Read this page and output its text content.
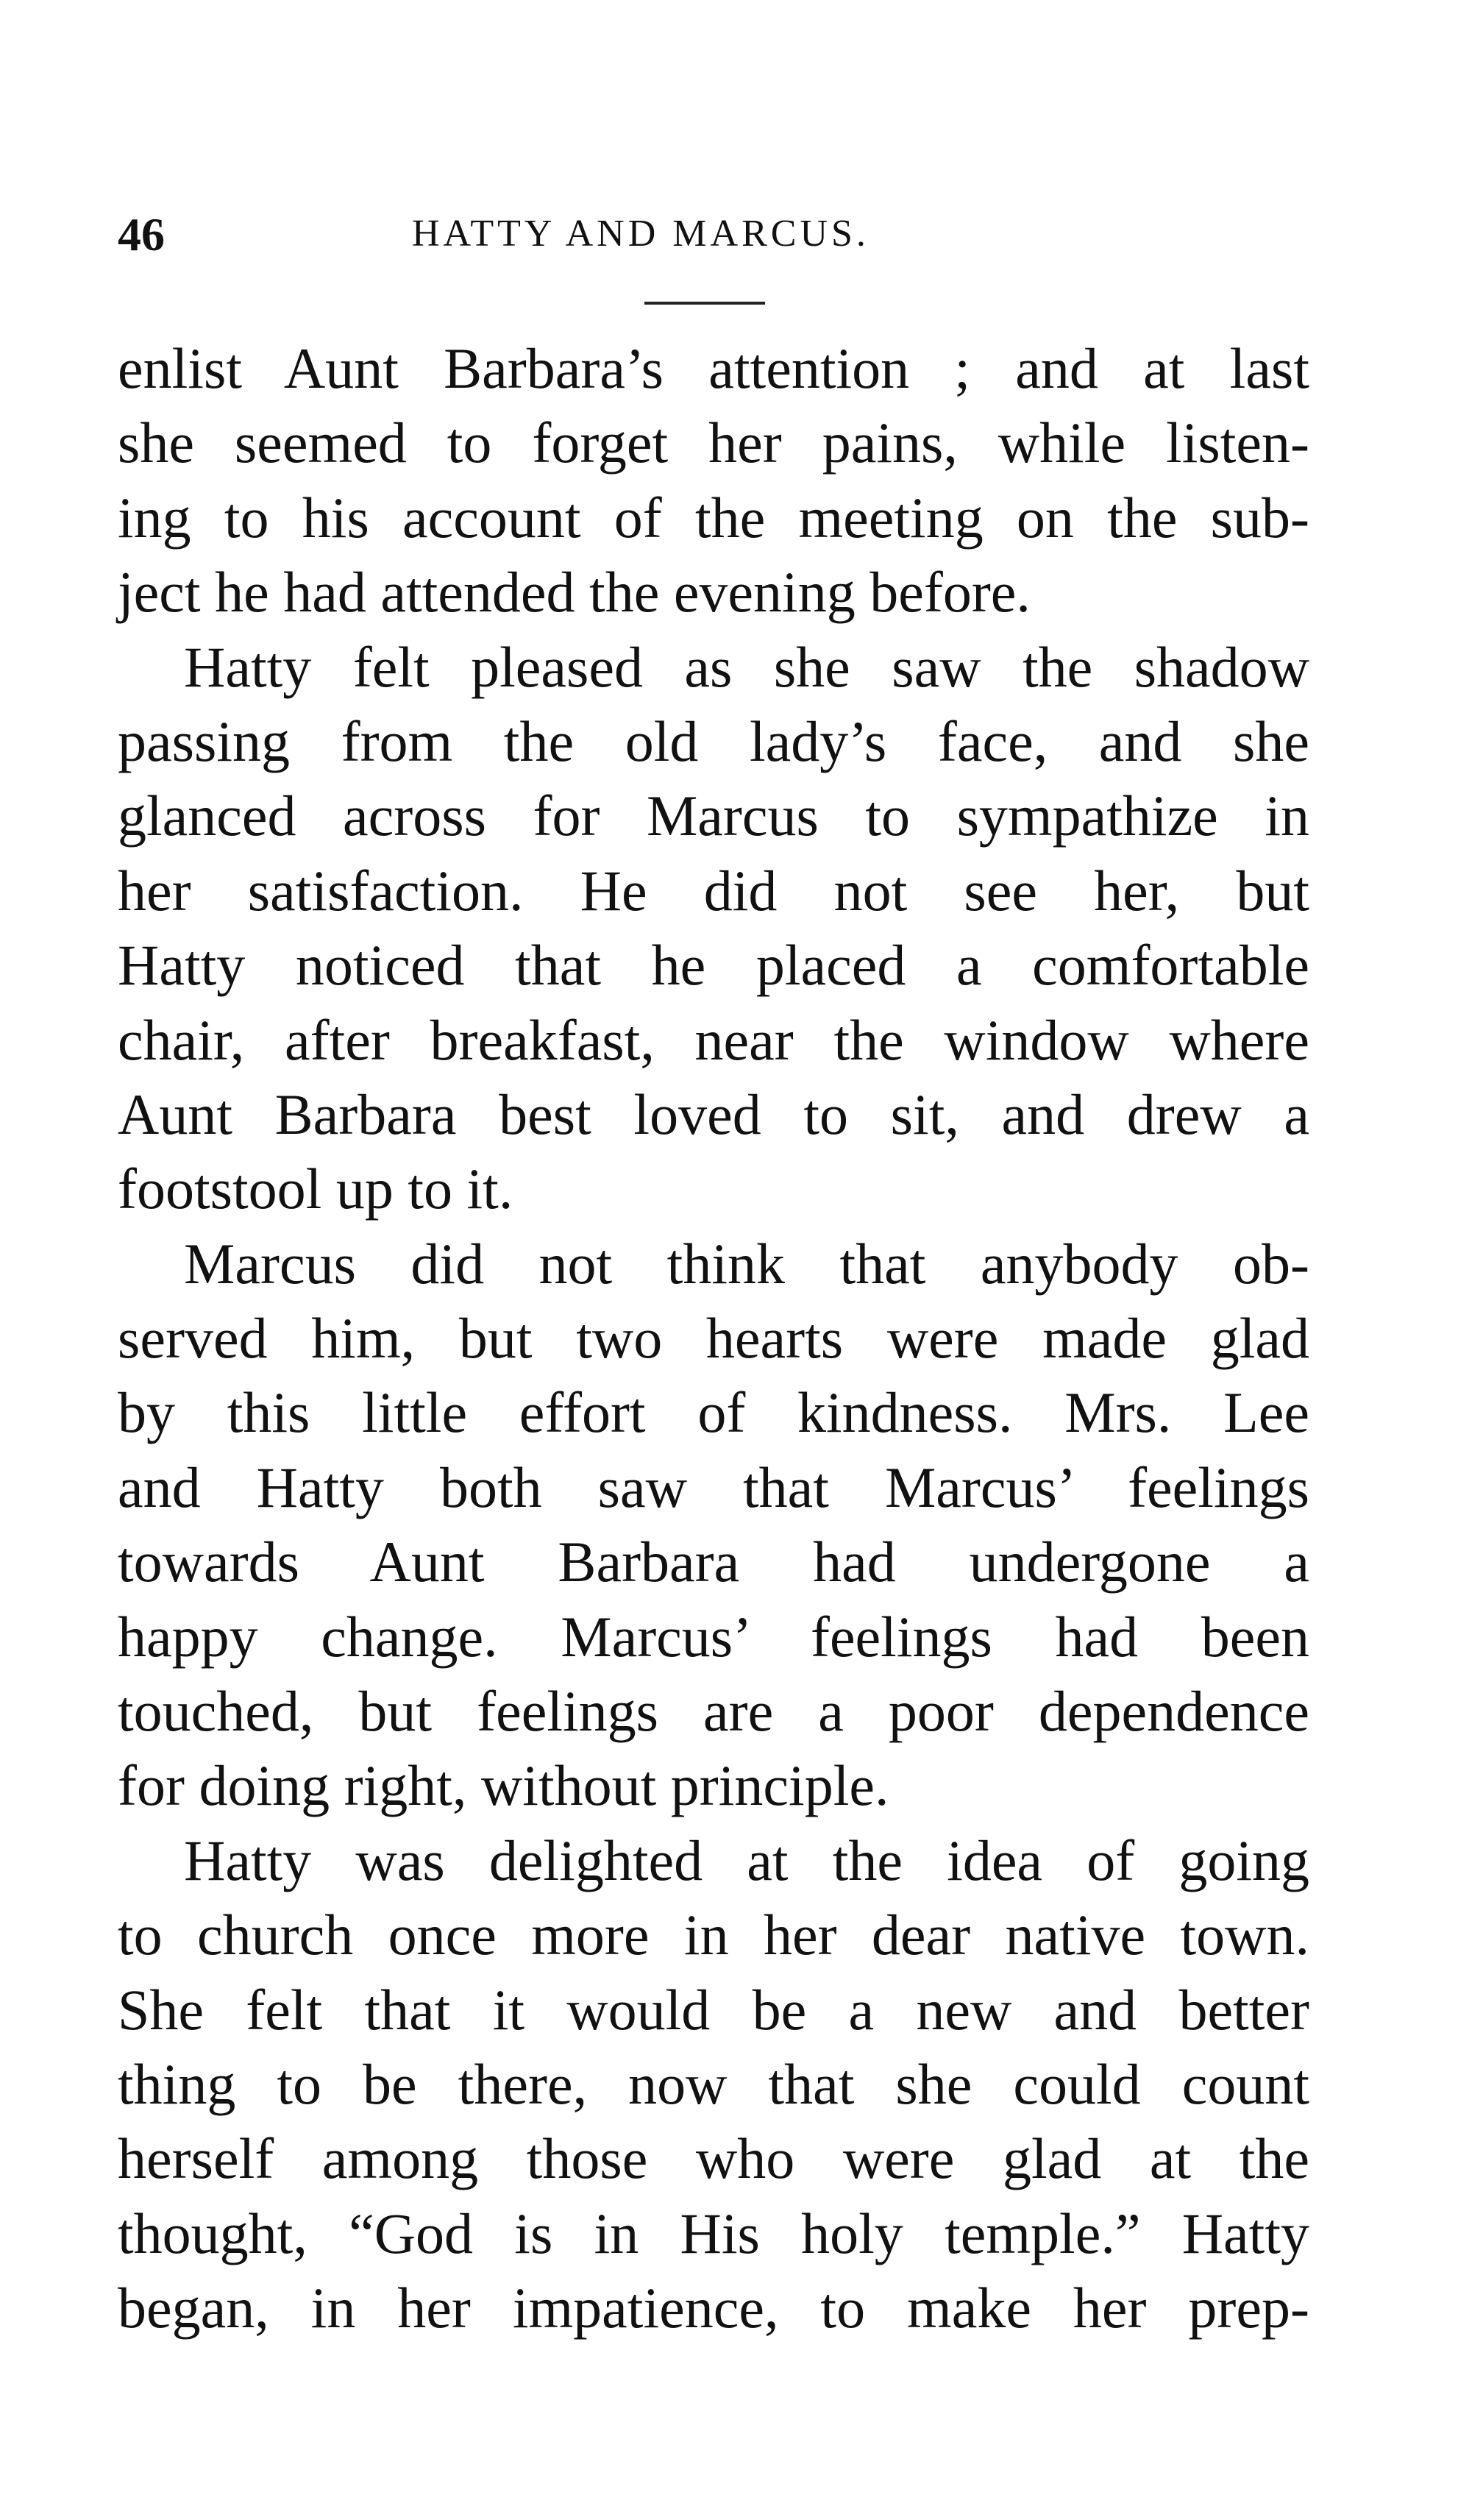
46	HATTY AND MARCUS.
enlist Aunt Barbara’s attention ; and at last
she seemed to forget her pains, while listen-
ing to his account of the meeting on the sub-
ject he had attended the evening before.
Hatty felt pleased as she saw the shadow
passing from the old lady’s face, and she
glanced across for Marcus to sympathize in
her satisfaction. He did not see her, but
Hatty noticed that he placed a comfortable
chair, after breakfast, near the window where
Aunt Barbara best loved to sit, and drew a
footstool up to it.
Marcus did not think that anybody ob-
served him, but two hearts were made glad
by this little effort of kindness. Mrs. Lee
and Hatty both saw that Marcus’ feelings
towards Aunt Barbara had undergone a
happy change. Marcus’ feelings had been
touched, but feelings are a poor dependence
for doing right, without principle.
Hatty was delighted at the idea of going
to church once more in her dear native town.
She felt that it would be a new and better
thing to be there, now that she could count
herself among those who were glad at the
thought, “God is in His holy temple.” Hatty
began, in her impatience, to make her prep-
